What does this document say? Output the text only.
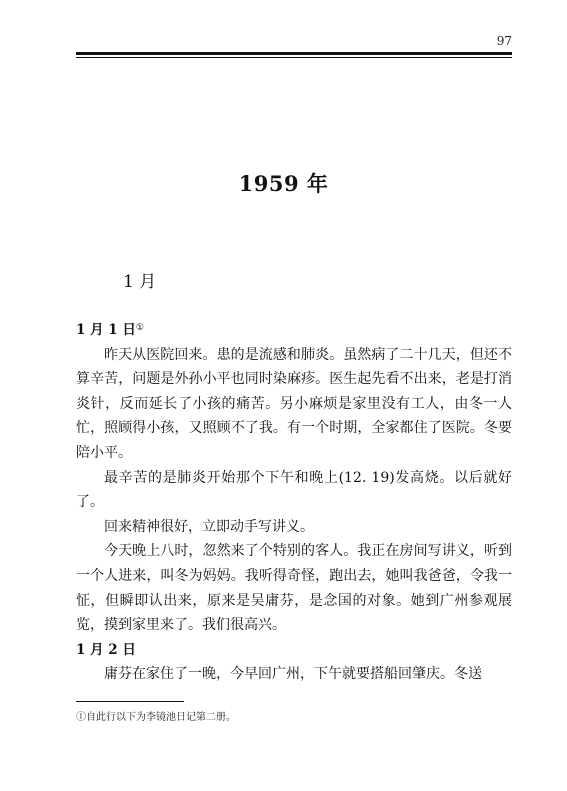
97
1959 年
1 月
1 月 1 日①
昨天从医院回来。患的是流感和肺炎。虽然病了二十几天，但还不算辛苦，问题是外孙小平也同时染麻疹。医生起先看不出来，老是打消炎针，反而延长了小孩的痛苦。另小麻烦是家里没有工人，由冬一人忙，照顾得小孩，又照顾不了我。有一个时期，全家都住了医院。冬要陪小平。
最辛苦的是肺炎开始那个下午和晚上(12. 19)发高烧。以后就好了。
回来精神很好，立即动手写讲义。
今天晚上八时，忽然来了个特别的客人。我正在房间写讲义，听到一个人进来，叫冬为妈妈。我听得奇怪，跑出去，她叫我爸爸，令我一怔，但瞬即认出来，原来是吴庸芬，是念国的对象。她到广州参观展览，摸到家里来了。我们很高兴。
1 月 2 日
庸芬在家住了一晚，今早回广州，下午就要搭船回肇庆。冬送
①自此行以下为李镜池日记第二册。
